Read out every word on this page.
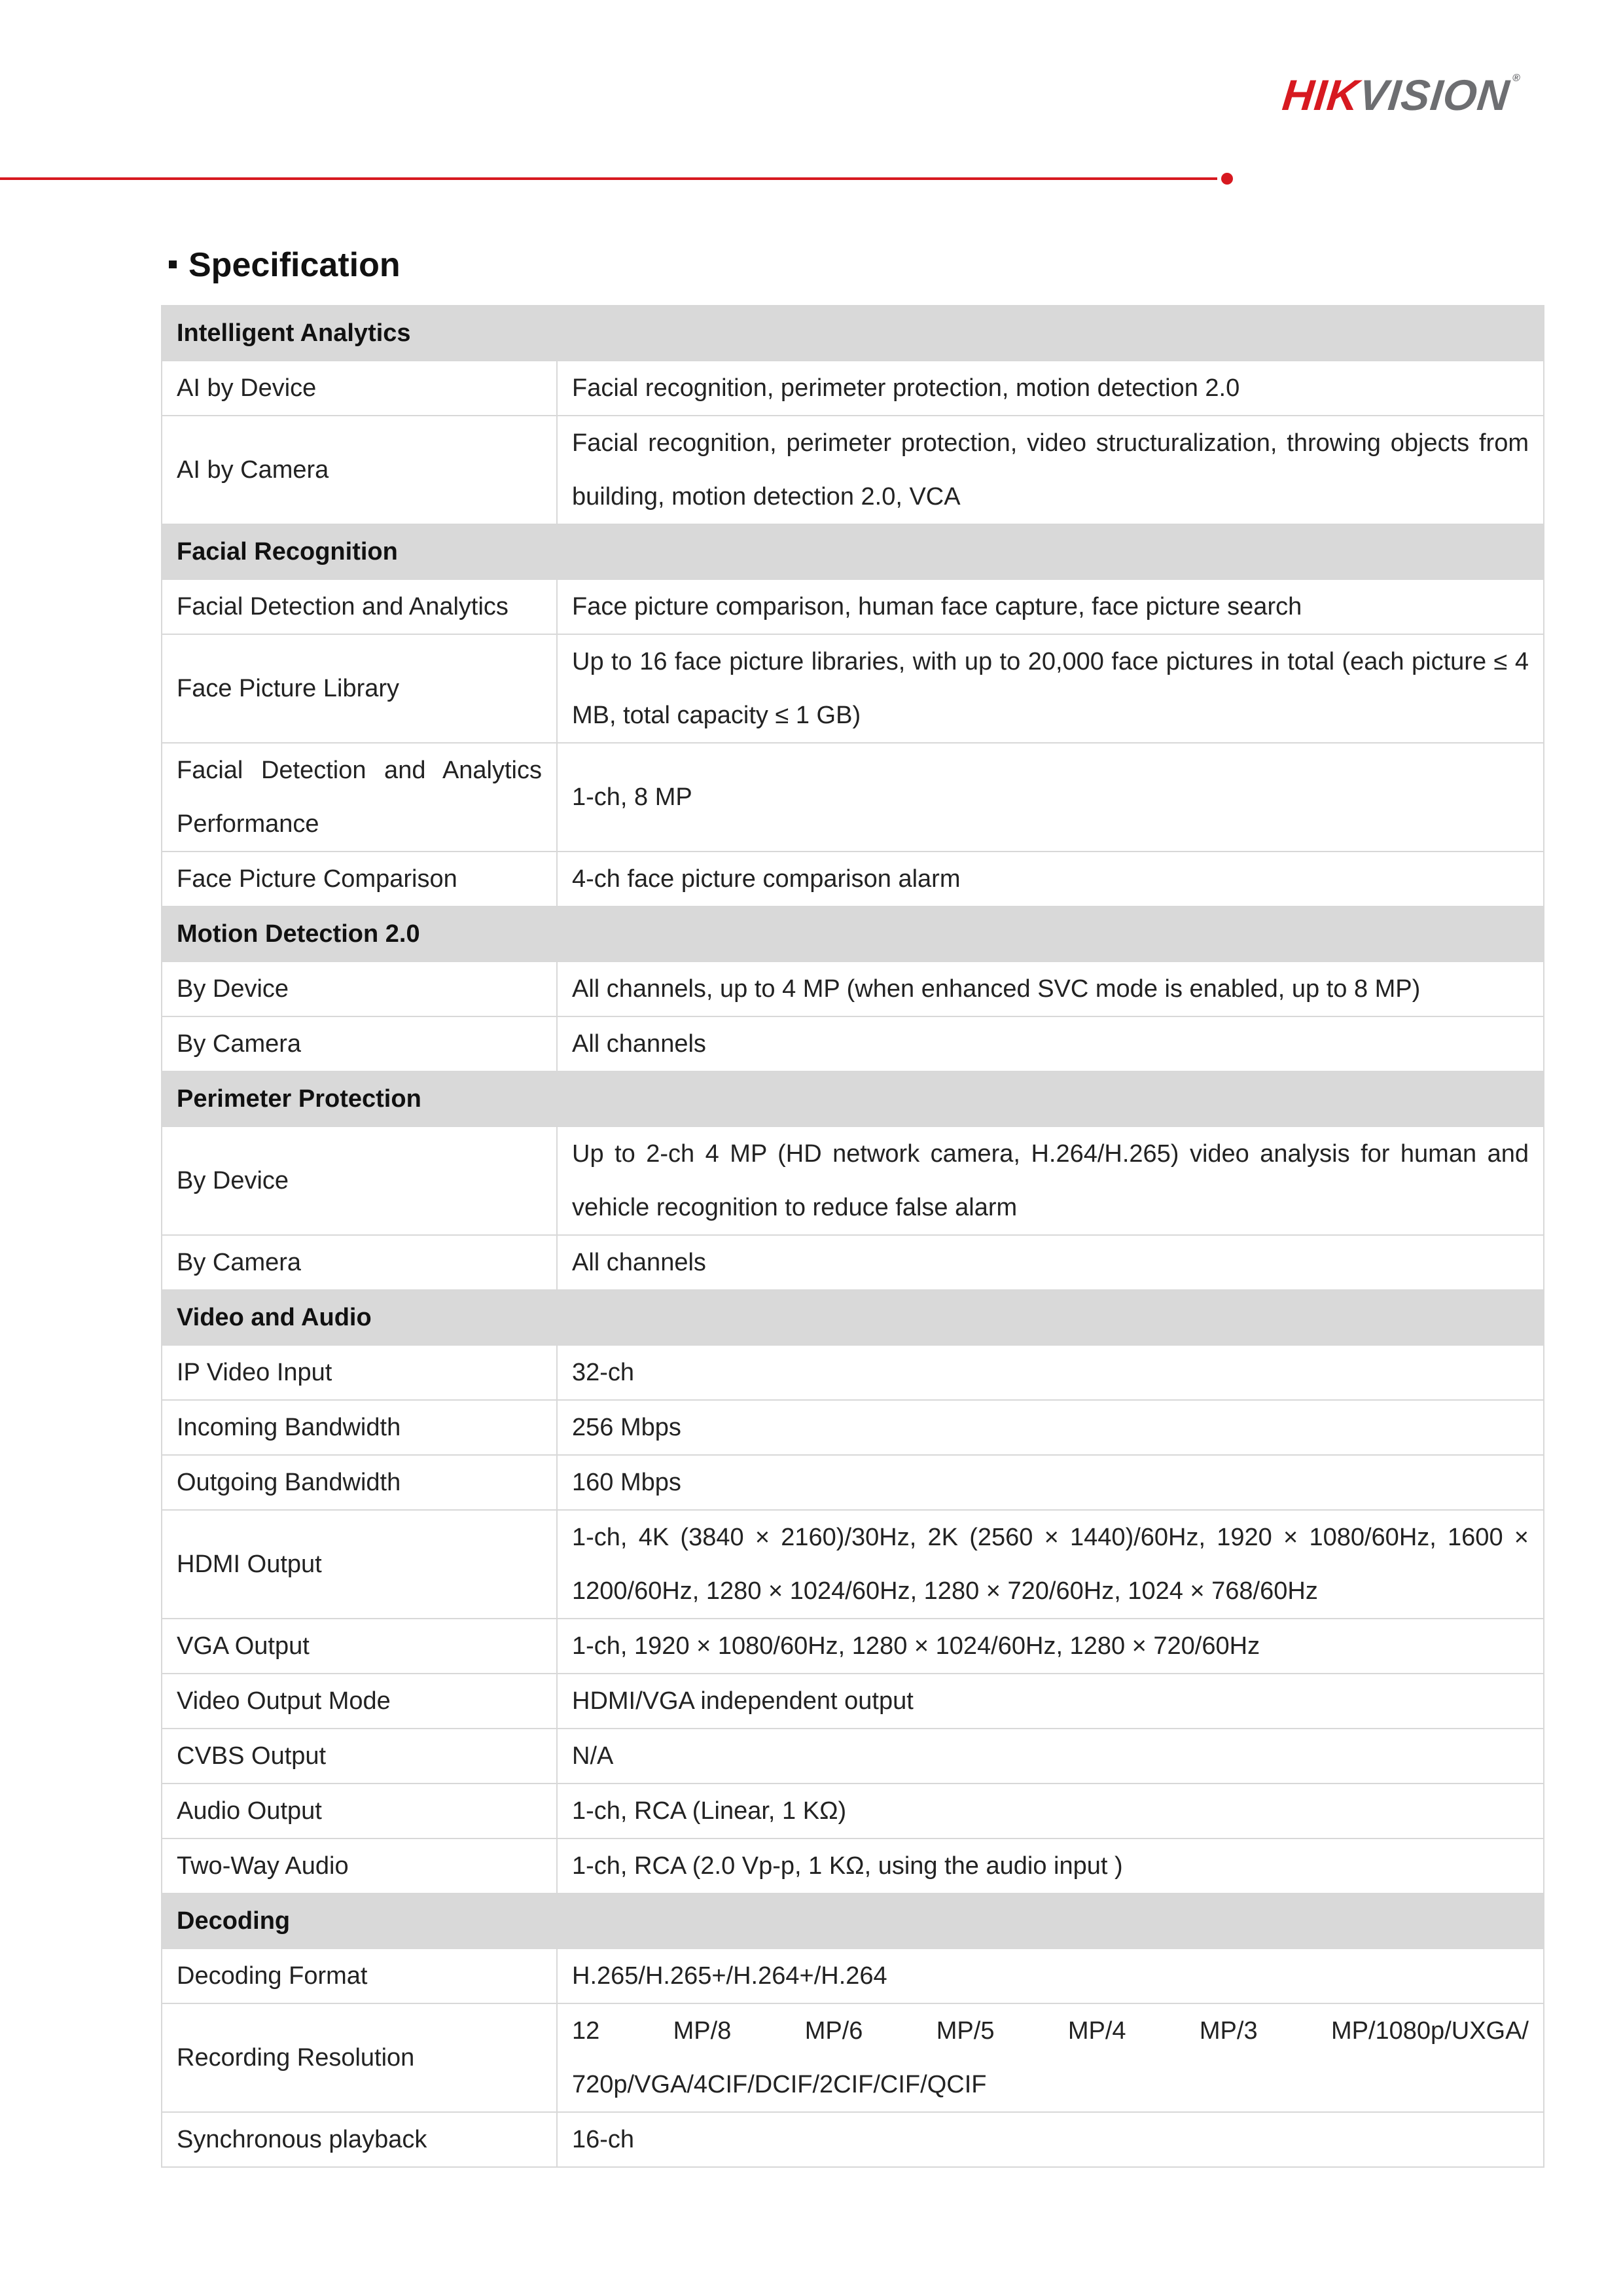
HIKVISION®
Specification
Intelligent Analytics	
AI by Device	Facial recognition, perimeter protection, motion detection 2.0
AI by Camera	Facial recognition, perimeter protection, video structuralization, throwing objects from building, motion detection 2.0, VCA
Facial Recognition	
Facial Detection and Analytics	Face picture comparison, human face capture, face picture search
Face Picture Library	Up to 16 face picture libraries, with up to 20,000 face pictures in total (each picture ≤ 4 MB, total capacity ≤ 1 GB)
Facial Detection and Analytics Performance	1-ch, 8 MP
Face Picture Comparison	4-ch face picture comparison alarm
Motion Detection 2.0	
By Device	All channels, up to 4 MP (when enhanced SVC mode is enabled, up to 8 MP)
By Camera	All channels
Perimeter Protection	
By Device	Up to 2-ch 4 MP (HD network camera, H.264/H.265) video analysis for human and vehicle recognition to reduce false alarm
By Camera	All channels
Video and Audio	
IP Video Input	32-ch
Incoming Bandwidth	256 Mbps
Outgoing Bandwidth	160 Mbps
HDMI Output	1-ch, 4K (3840 × 2160)/30Hz, 2K (2560 × 1440)/60Hz, 1920 × 1080/60Hz, 1600 × 1200/60Hz, 1280 × 1024/60Hz, 1280 × 720/60Hz, 1024 × 768/60Hz
VGA Output	1-ch, 1920 × 1080/60Hz, 1280 × 1024/60Hz, 1280 × 720/60Hz
Video Output Mode	HDMI/VGA independent output
CVBS Output	N/A
Audio Output	1-ch, RCA (Linear, 1 KΩ)
Two-Way Audio	1-ch, RCA (2.0 Vp-p, 1 KΩ, using the audio input )
Decoding	
Decoding Format	H.265/H.265+/H.264+/H.264
Recording Resolution	12 MP/8 MP/6 MP/5 MP/4 MP/3 MP/1080p/UXGA/ 720p/VGA/4CIF/DCIF/2CIF/CIF/QCIF
Synchronous playback	16-ch
